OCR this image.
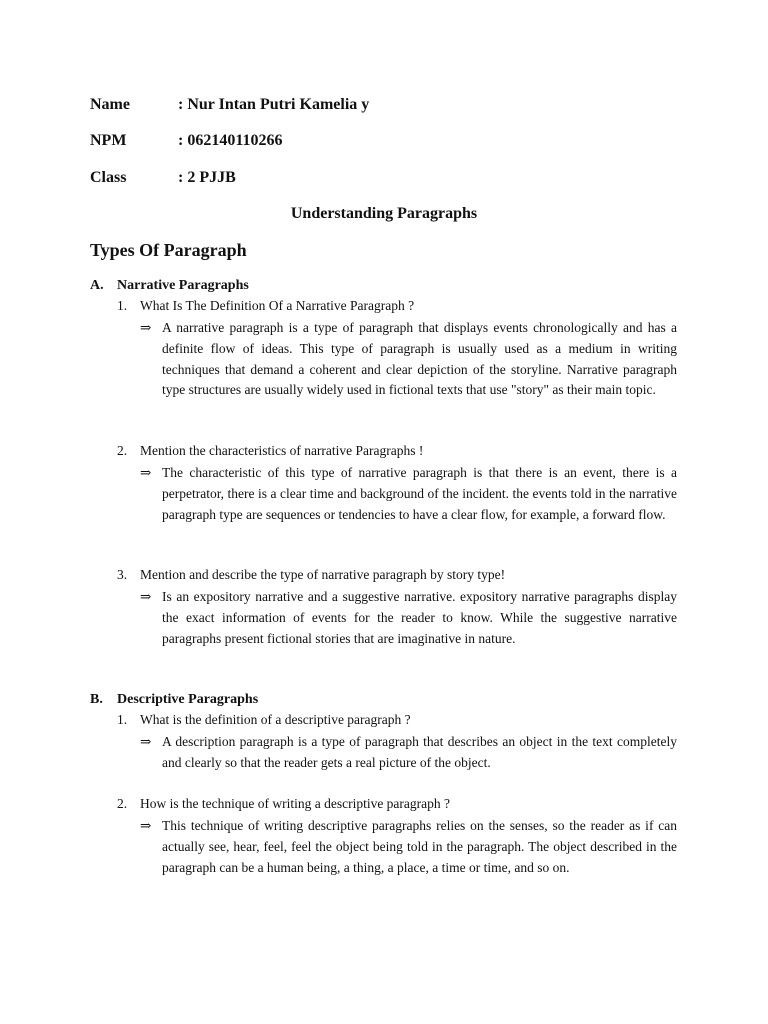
Name	: Nur Intan Putri Kamelia y
NPM	: 062140110266
Class	: 2 PJJB
Understanding Paragraphs
Types Of Paragraph
A. Narrative Paragraphs
1. What Is The Definition Of a Narrative Paragraph ?
⇒ A narrative paragraph is a type of paragraph that displays events chronologically and has a definite flow of ideas. This type of paragraph is usually used as a medium in writing techniques that demand a coherent and clear depiction of the storyline. Narrative paragraph type structures are usually widely used in fictional texts that use "story" as their main topic.

2. Mention the characteristics of narrative Paragraphs !
⇒ The characteristic of this type of narrative paragraph is that there is an event, there is a perpetrator, there is a clear time and background of the incident. the events told in the narrative paragraph type are sequences or tendencies to have a clear flow, for example, a forward flow.

3. Mention and describe the type of narrative paragraph by story type!
⇒ Is an expository narrative and a suggestive narrative. expository narrative paragraphs display the exact information of events for the reader to know. While the suggestive narrative paragraphs present fictional stories that are imaginative in nature.

B. Descriptive Paragraphs
1. What is the definition of a descriptive paragraph ?
⇒ A description paragraph is a type of paragraph that describes an object in the text completely and clearly so that the reader gets a real picture of the object.

2. How is the technique of writing a descriptive paragraph ?
⇒ This technique of writing descriptive paragraphs relies on the senses, so the reader as if can actually see, hear, feel, feel the object being told in the paragraph. The object described in the paragraph can be a human being, a thing, a place, a time or time, and so on.
